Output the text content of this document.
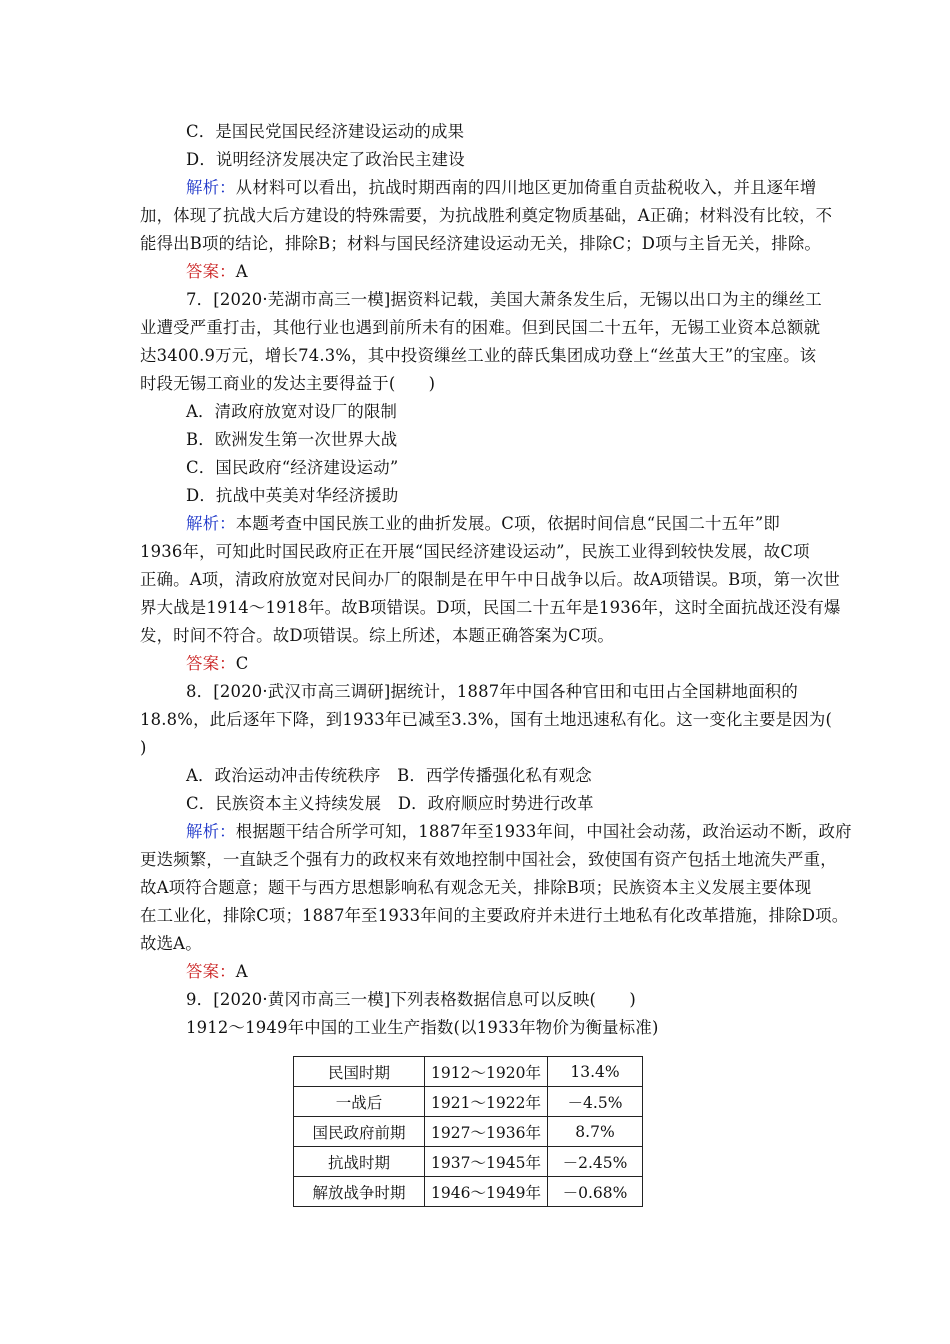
C．是国民党国民经济建设运动的成果
D．说明经济发展决定了政治民主建设
解析：从材料可以看出，抗战时期西南的四川地区更加倚重自贡盐税收入，并且逐年增
加，体现了抗战大后方建设的特殊需要，为抗战胜利奠定物质基础，A正确；材料没有比较，不
能得出B项的结论，排除B；材料与国民经济建设运动无关，排除C；D项与主旨无关，排除。
答案：A
7．[2020·芜湖市高三一模]据资料记载，美国大萧条发生后，无锡以出口为主的缫丝工
业遭受严重打击，其他行业也遇到前所未有的困难。但到民国二十五年，无锡工业资本总额就
达3400.9万元，增长74.3%，其中投资缫丝工业的薛氏集团成功登上“丝茧大王”的宝座。该
时段无锡工商业的发达主要得益于(　　)
A．清政府放宽对设厂的限制
B．欧洲发生第一次世界大战
C．国民政府“经济建设运动”
D．抗战中英美对华经济援助
解析：本题考查中国民族工业的曲折发展。C项，依据时间信息“民国二十五年”即
1936年，可知此时国民政府正在开展“国民经济建设运动”，民族工业得到较快发展，故C项
正确。A项，清政府放宽对民间办厂的限制是在甲午中日战争以后。故A项错误。B项，第一次世
界大战是1914～1918年。故B项错误。D项，民国二十五年是1936年，这时全面抗战还没有爆
发，时间不符合。故D项错误。综上所述，本题正确答案为C项。
答案：C
8．[2020·武汉市高三调研]据统计，1887年中国各种官田和屯田占全国耕地面积的
18.8%，此后逐年下降，到1933年已减至3.3%，国有土地迅速私有化。这一变化主要是因为(
)
A．政治运动冲击传统秩序　B．西学传播强化私有观念
C．民族资本主义持续发展　D．政府顺应时势进行改革
解析：根据题干结合所学可知，1887年至1933年间，中国社会动荡，政治运动不断，政府
更迭频繁，一直缺乏个强有力的政权来有效地控制中国社会，致使国有资产包括土地流失严重，
故A项符合题意；题干与西方思想影响私有观念无关，排除B项；民族资本主义发展主要体现
在工业化，排除C项；1887年至1933年间的主要政府并未进行土地私有化改革措施，排除D项。
故选A。
答案：A
9．[2020·黄冈市高三一模]下列表格数据信息可以反映(　　)
1912～1949年中国的工业生产指数(以1933年物价为衡量标准)
民国时期	1912～1920年	13.4%
一战后	1921～1922年	－4.5%
国民政府前期	1927～1936年	8.7%
抗战时期	1937～1945年	－2.45%
解放战争时期	1946～1949年	－0.68%
